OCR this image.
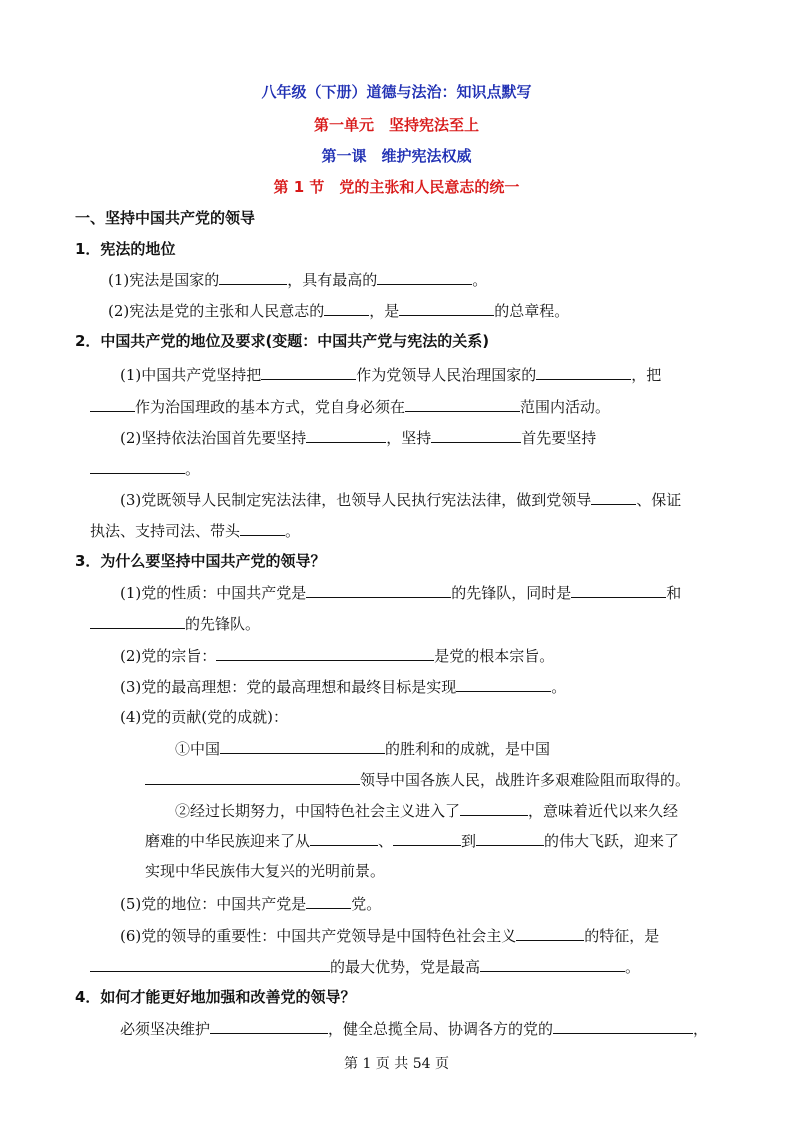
八年级（下册）道德与法治：知识点默写
第一单元　坚持宪法至上
第一课　维护宪法权威
第 1 节　党的主张和人民意志的统一
一、坚持中国共产党的领导
1．宪法的地位
(1)宪法是国家的	，具有最高的	。
(2)宪法是党的主张和人民意志的	，是	的总章程。
2．中国共产党的地位及要求(变题：中国共产党与宪法的关系)
(1)中国共产党坚持把	作为党领导人民治理国家的	，把
作为治国理政的基本方式，党自身必须在	范围内活动。
(2)坚持依法治国首先要坚持	，坚持	首先要坚持
。
(3)党既领导人民制定宪法法律，也领导人民执行宪法法律，做到党领导	、保证
执法、支持司法、带头	。
3．为什么要坚持中国共产党的领导？
(1)党的性质：中国共产党是	的先锋队，同时是	和
的先锋队。
(2)党的宗旨：	是党的根本宗旨。
(3)党的最高理想：党的最高理想和最终目标是实现	。
(4)党的贡献(党的成就)：
①中国	的胜利和的成就，是中国
领导中国各族人民，战胜许多艰难险阻而取得的。
②经过长期努力，中国特色社会主义进入了	，意味着近代以来久经
磨难的中华民族迎来了从	、	到	的伟大飞跃，迎来了
实现中华民族伟大复兴的光明前景。
(5)党的地位：中国共产党是	党。
(6)党的领导的重要性：中国共产党领导是中国特色社会主义	的特征，是
的最大优势，党是最高	。
4．如何才能更好地加强和改善党的领导？
必须坚决维护	，健全总揽全局、协调各方的党的	，
第 1 页 共 54 页
